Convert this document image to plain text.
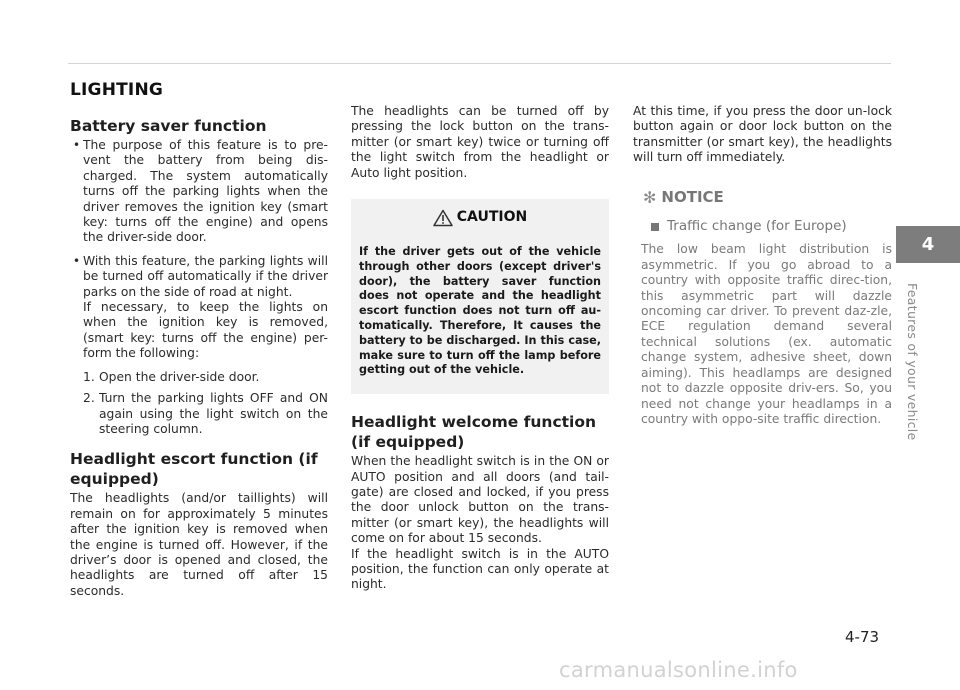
LIGHTING
Battery saver function
• The purpose of this feature is to pre-vent the battery from being dis-charged. The system automatically turns off the parking lights when the driver removes the ignition key (smart key: turns off the engine) and opens the driver-side door.
• With this feature, the parking lights will be turned off automatically if the driver parks on the side of road at night.

If necessary, to keep the lights on when the ignition key is removed, (smart key: turns off the engine) per-form the following:

1. Open the driver-side door.
2. Turn the parking lights OFF and ON again using the light switch on the steering column.
Headlight escort function (if equipped)

The headlights (and/or taillights) will remain on for approximately 5 minutes after the ignition key is removed when the engine is turned off. However, if the driver’s door is opened and closed, the headlights are turned off after 15 seconds.

The headlights can be turned off by pressing the lock button on the trans-mitter (or smart key) twice or turning off the light switch from the headlight or Auto light position.

CAUTION
If the driver gets out of the vehicle through other doors (except driver's door), the battery saver function does not operate and the headlight escort function does not turn off au-tomatically. Therefore, It causes the battery to be discharged. In this case, make sure to turn off the lamp before getting out of the vehicle.
Headlight welcome function (if equipped)

When the headlight switch is in the ON or AUTO position and all doors (and tail-gate) are closed and locked, if you press the door unlock button on the trans-mitter (or smart key), the headlights will come on for about 15 seconds.

If the headlight switch is in the AUTO position, the function can only operate at night.

At this time, if you press the door un-lock button again or door lock button on the transmitter (or smart key), the headlights will turn off immediately.

✻ NOTICE
Traffic change (for Europe)

The low beam light distribution is asymmetric. If you go abroad to a country with opposite traffic direc-tion, this asymmetric part will dazzle oncoming car driver. To prevent daz-zle, ECE regulation demand several technical solutions (ex. automatic change system, adhesive sheet, down aiming). This headlamps are designed not to dazzle opposite driv-ers. So, you need not change your headlamps in a country with oppo-site traffic direction.

4
Features of your vehicle
4-73
carmanualsonline.info
